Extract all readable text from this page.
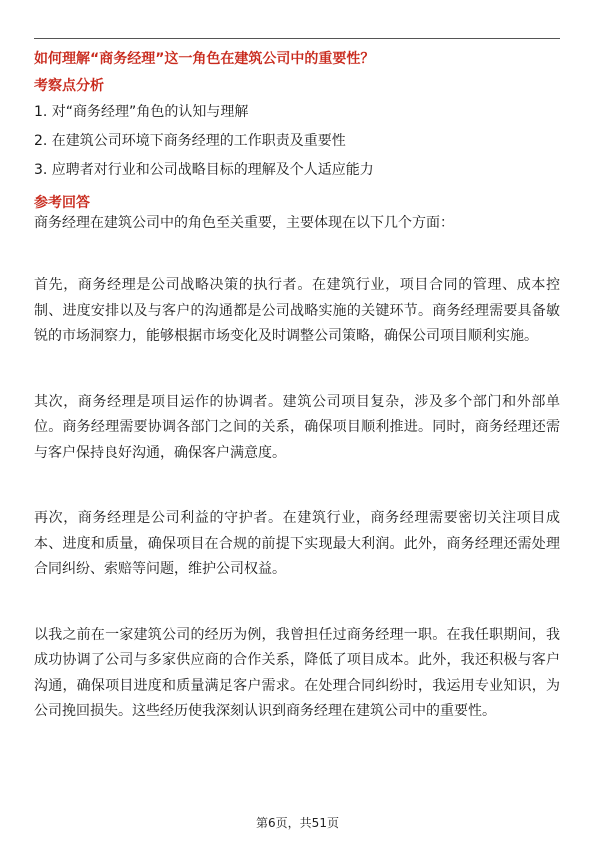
如何理解“商务经理”这一角色在建筑公司中的重要性？
考察点分析
1. 对“商务经理”角色的认知与理解
2. 在建筑公司环境下商务经理的工作职责及重要性
3. 应聘者对行业和公司战略目标的理解及个人适应能力
参考回答

商务经理在建筑公司中的角色至关重要，主要体现在以下几个方面：

首先，商务经理是公司战略决策的执行者。在建筑行业，项目合同的管理、成本控制、进度安排以及与客户的沟通都是公司战略实施的关键环节。商务经理需要具备敏锐的市场洞察力，能够根据市场变化及时调整公司策略，确保公司项目顺利实施。

其次，商务经理是项目运作的协调者。建筑公司项目复杂，涉及多个部门和外部单位。商务经理需要协调各部门之间的关系，确保项目顺利推进。同时，商务经理还需与客户保持良好沟通，确保客户满意度。

再次，商务经理是公司利益的守护者。在建筑行业，商务经理需要密切关注项目成本、进度和质量，确保项目在合规的前提下实现最大利润。此外，商务经理还需处理合同纠纷、索赔等问题，维护公司权益。

以我之前在一家建筑公司的经历为例，我曾担任过商务经理一职。在我任职期间，我成功协调了公司与多家供应商的合作关系，降低了项目成本。此外，我还积极与客户沟通，确保项目进度和质量满足客户需求。在处理合同纠纷时，我运用专业知识，为公司挽回损失。这些经历使我深刻认识到商务经理在建筑公司中的重要性。

第6页，共51页
